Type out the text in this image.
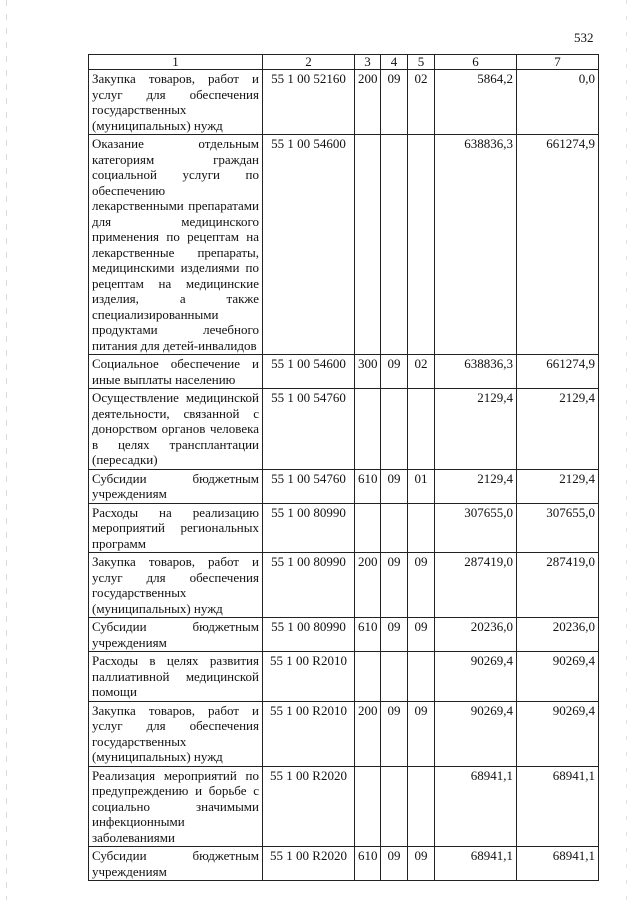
532
1	2	3	4	5	6	7
Закупка товаров, работ и услуг для обеспечения государственных (муниципальных) нужд	55 1 00 52160	200	09	02	5864,2	0,0
Оказание отдельным категориям граждан социальной услуги по обеспечению лекарственными препаратами для медицинского применения по рецептам на лекарственные препараты, медицинскими изделиями по рецептам на медицинские изделия, а также специализированными продуктами лечебного питания для детей-инвалидов	55 1 00 54600				638836,3	661274,9
Социальное обеспечение и иные выплаты населению	55 1 00 54600	300	09	02	638836,3	661274,9
Осуществление медицинской деятельности, связанной с донорством органов человека в целях трансплантации (пересадки)	55 1 00 54760				2129,4	2129,4
Субсидии бюджетным учреждениям	55 1 00 54760	610	09	01	2129,4	2129,4
Расходы на реализацию мероприятий региональных программ	55 1 00 80990				307655,0	307655,0
Закупка товаров, работ и услуг для обеспечения государственных (муниципальных) нужд	55 1 00 80990	200	09	09	287419,0	287419,0
Субсидии бюджетным учреждениям	55 1 00 80990	610	09	09	20236,0	20236,0
Расходы в целях развития паллиативной медицинской помощи	55 1 00 R2010				90269,4	90269,4
Закупка товаров, работ и услуг для обеспечения государственных (муниципальных) нужд	55 1 00 R2010	200	09	09	90269,4	90269,4
Реализация мероприятий по предупреждению и борьбе с социально значимыми инфекционными заболеваниями	55 1 00 R2020				68941,1	68941,1
Субсидии бюджетным учреждениям	55 1 00 R2020	610	09	09	68941,1	68941,1
